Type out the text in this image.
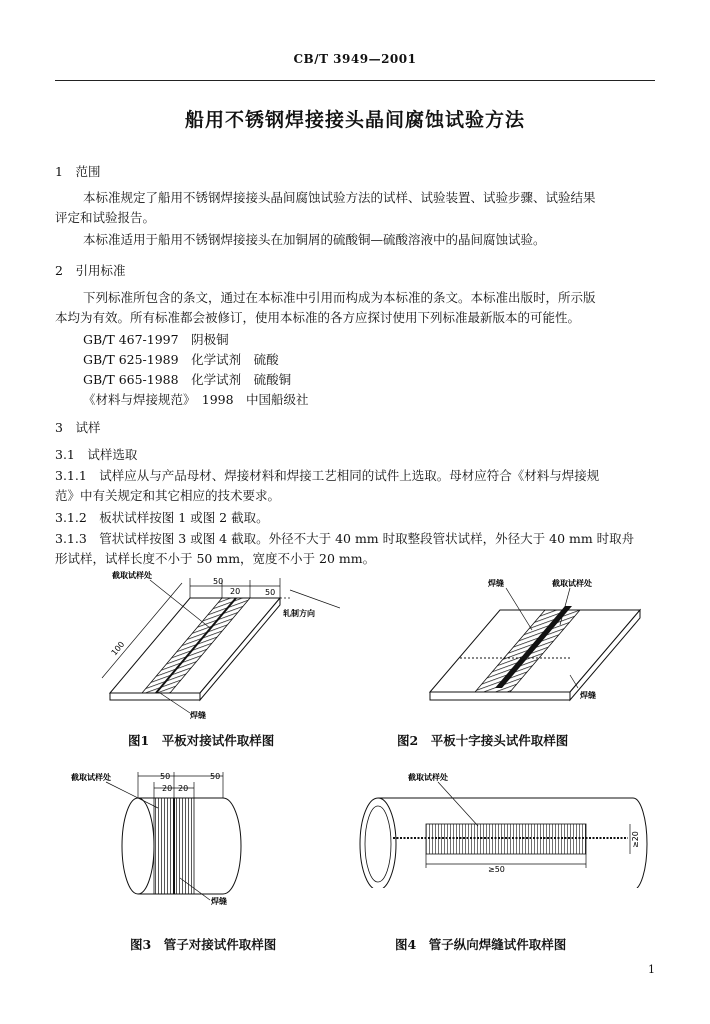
CB/T 3949—2001
船用不锈钢焊接接头晶间腐蚀试验方法
1　范围
本标准规定了船用不锈钢焊接接头晶间腐蚀试验方法的试样、试验装置、试验步骤、试验结果
评定和试验报告。
本标准适用于船用不锈钢焊接接头在加铜屑的硫酸铜—硫酸溶液中的晶间腐蚀试验。
2　引用标准
下列标准所包含的条文，通过在本标准中引用而构成为本标准的条文。本标准出版时，所示版
本均为有效。所有标准都会被修订，使用本标准的各方应探讨使用下列标准最新版本的可能性。
GB/T 467-1997　阴极铜
GB/T 625-1989　化学试剂　硫酸
GB/T 665-1988　化学试剂　硫酸铜
《材料与焊接规范》　1998　中国船级社
3　试样
3.1　试样选取
3.1.1　试样应从与产品母材、焊接材料和焊接工艺相同的试件上选取。母材应符合《材料与焊接规
范》中有关规定和其它相应的技术要求。
3.1.2　板状试样按图 1 或图 2 截取。
3.1.3　管状试样按图 3 或图 4 截取。外径不大于 40 mm 时取整段管状试样，外径大于 40 mm 时取舟
形试样，试样长度不小于 50 mm，宽度不小于 20 mm。
截取试样处
50
50
20
轧制方向
100
焊缝
图1　平板对接试件取样图
焊缝	截取试样处
焊缝
图2　平板十字接头试件取样图
截取试样处	50	50
20 20
焊缝
图3　管子对接试件取样图
≥50
≥20
截取试样处
图4　管子纵向焊缝试件取样图
1
